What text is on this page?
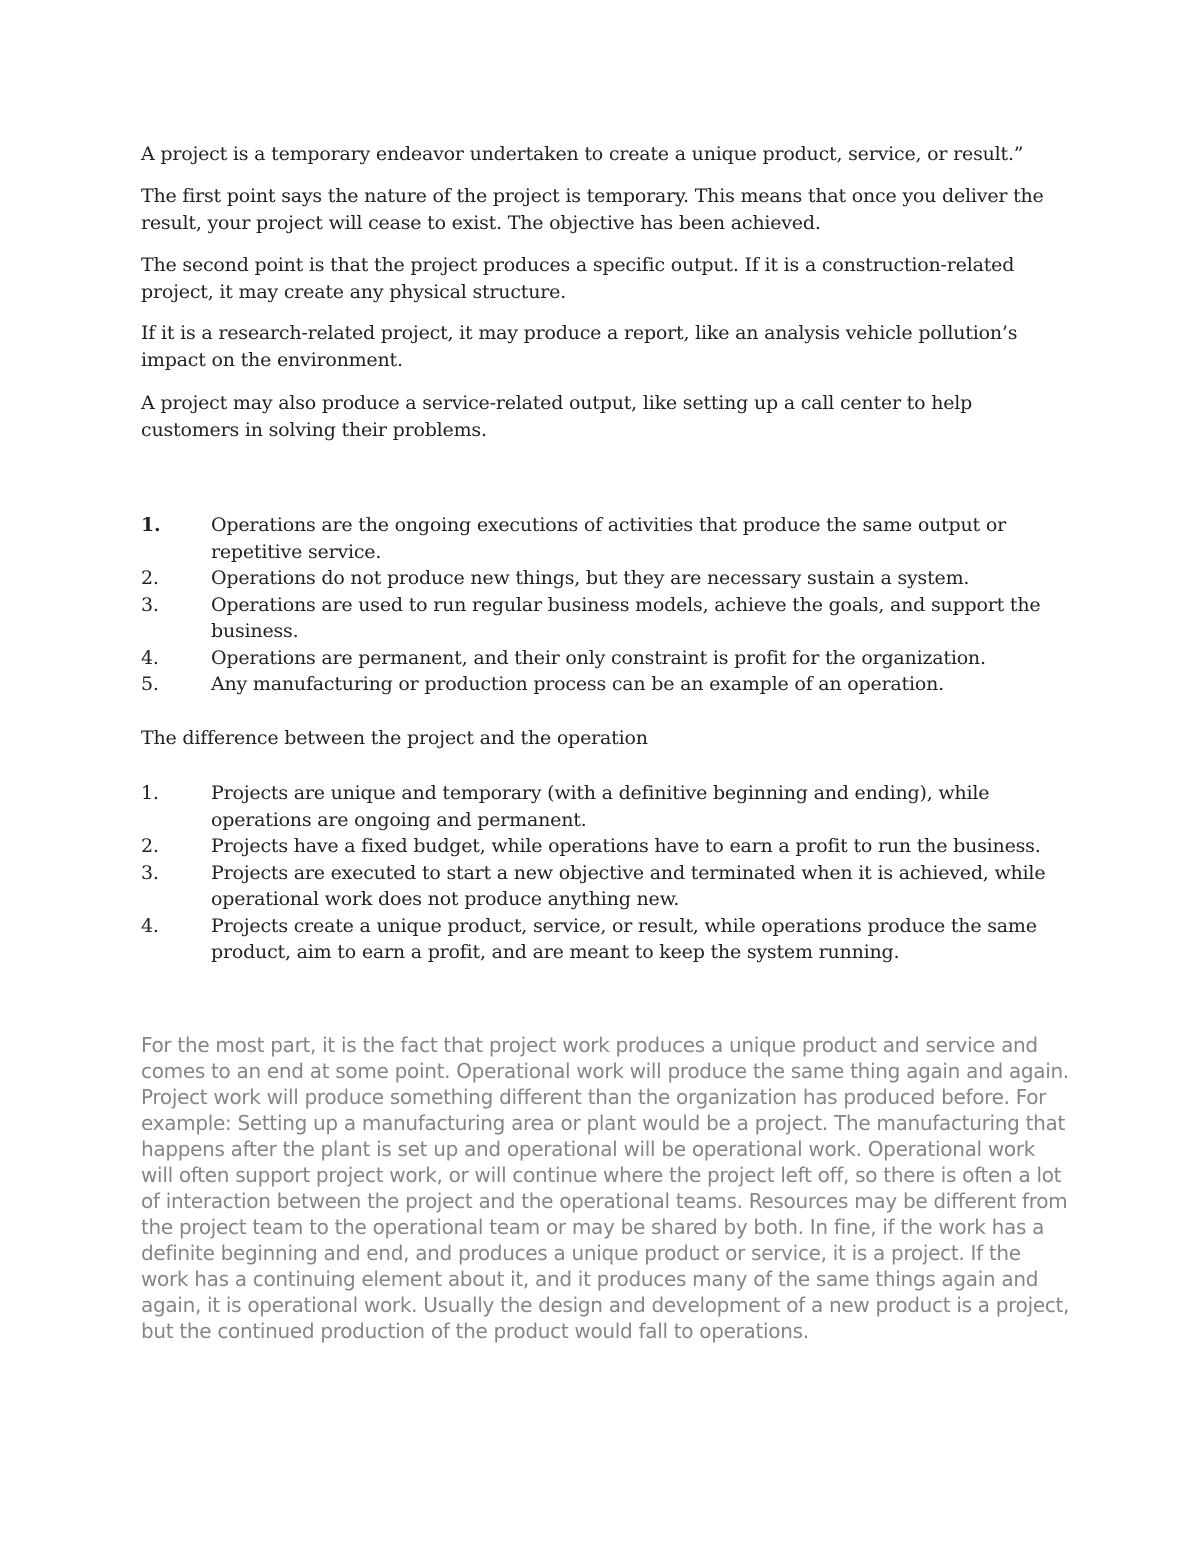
A project is a temporary endeavor undertaken to create a unique product, service, or result.”

The first point says the nature of the project is temporary. This means that once you deliver the result, your project will cease to exist. The objective has been achieved.

The second point is that the project produces a specific output. If it is a construction-related project, it may create any physical structure.

If it is a research-related project, it may produce a report, like an analysis vehicle pollution’s impact on the environment.

A project may also produce a service-related output, like setting up a call center to help customers in solving their problems.

1.	Operations are the ongoing executions of activities that produce the same output or repetitive service.
2.	Operations do not produce new things, but they are necessary sustain a system.
3.	Operations are used to run regular business models, achieve the goals, and support the business.
4.	Operations are permanent, and their only constraint is profit for the organization.
5.	Any manufacturing or production process can be an example of an operation.

The difference between the project and the operation

1.	Projects are unique and temporary (with a definitive beginning and ending), while operations are ongoing and permanent.
2.	Projects have a fixed budget, while operations have to earn a profit to run the business.
3.	Projects are executed to start a new objective and terminated when it is achieved, while operational work does not produce anything new.
4.	Projects create a unique product, service, or result, while operations produce the same product, aim to earn a profit, and are meant to keep the system running.

For the most part, it is the fact that project work produces a unique product and service and comes to an end at some point. Operational work will produce the same thing again and again. Project work will produce something different than the organization has produced before. For example: Setting up a manufacturing area or plant would be a project. The manufacturing that happens after the plant is set up and operational will be operational work. Operational work will often support project work, or will continue where the project left off, so there is often a lot of interaction between the project and the operational teams. Resources may be different from the project team to the operational team or may be shared by both. In fine, if the work has a definite beginning and end, and produces a unique product or service, it is a project. If the work has a continuing element about it, and it produces many of the same things again and again, it is operational work. Usually the design and development of a new product is a project, but the continued production of the product would fall to operations.
